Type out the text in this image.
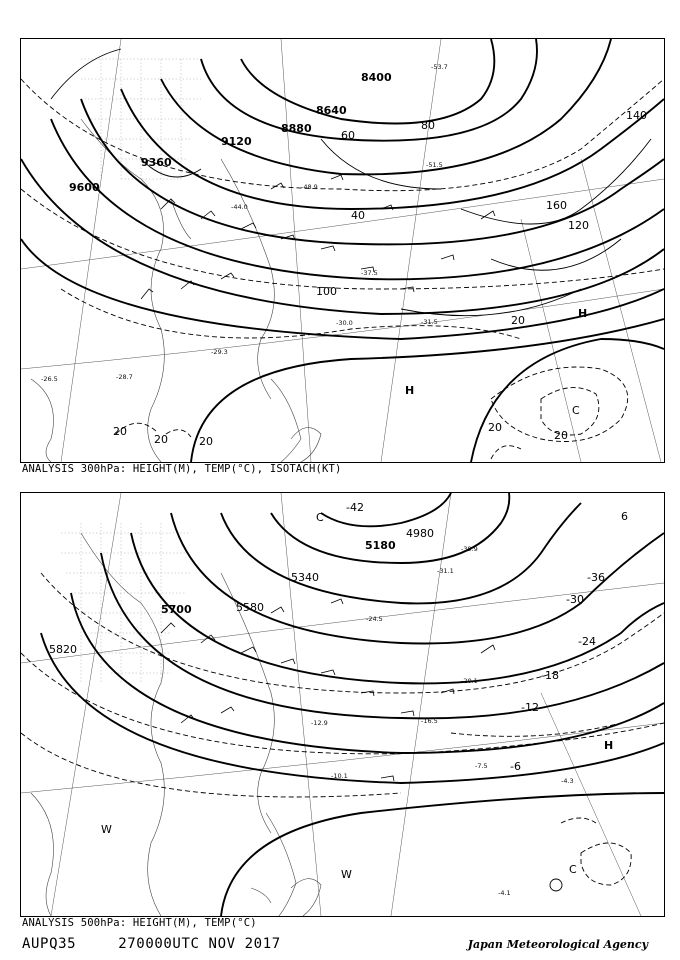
8400
8640
8880
9120
9360
9600
40
60
80
100
120
140
160
20
20
20	20
20
20
H
H
C
-53.7
-51.5
-48.9
-44.0
-37.5
-31.5
-30.0
-29.3
-28.7
-26.5
ANALYSIS 300hPa: HEIGHT(M), TEMP(°C), ISOTACH(KT)
4980
5180
5340
5580
5700
5820
-42
-36
-30
-24
-18
-12
-6
6
C
H
W	C
W
-39.9
-31.1
-24.5
-20.1
-16.5
-12.9
-10.1
-7.5
-4.3
-4.1
ANALYSIS 500hPa: HEIGHT(M), TEMP(°C)
AUPQ35	270000UTC NOV 2017	Japan Meteorological Agency
